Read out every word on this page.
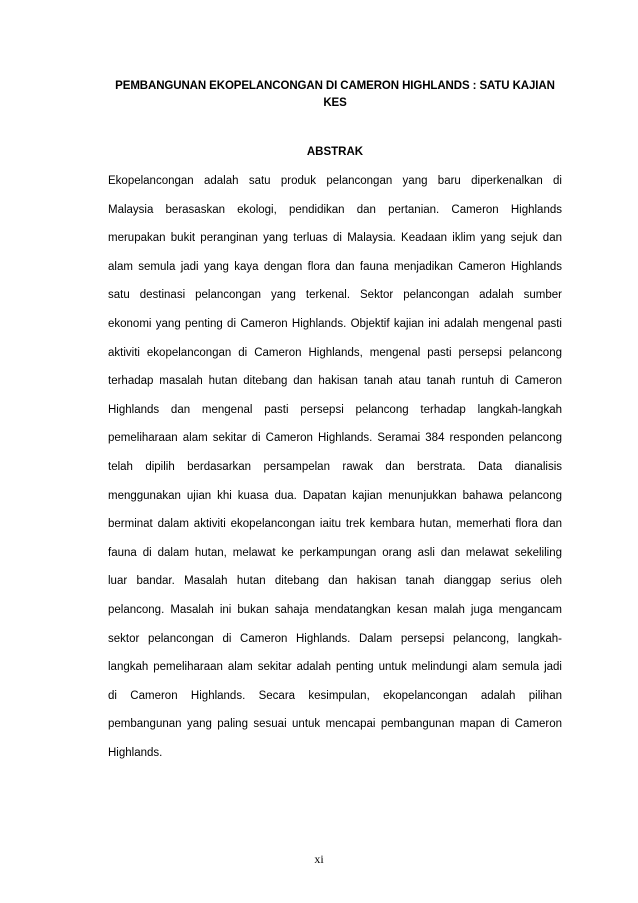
PEMBANGUNAN EKOPELANCONGAN DI CAMERON HIGHLANDS : SATU KAJIAN KES
ABSTRAK
Ekopelancongan adalah satu produk pelancongan yang baru diperkenalkan di
Malaysia berasaskan ekologi, pendidikan dan pertanian. Cameron Highlands
merupakan bukit peranginan yang terluas di Malaysia. Keadaan iklim yang sejuk dan
alam semula jadi yang kaya dengan flora dan fauna menjadikan Cameron Highlands
satu destinasi pelancongan yang terkenal. Sektor pelancongan adalah sumber
ekonomi yang penting di Cameron Highlands. Objektif kajian ini adalah mengenal pasti
aktiviti ekopelancongan di Cameron Highlands, mengenal pasti persepsi pelancong
terhadap masalah hutan ditebang dan hakisan tanah atau tanah runtuh di Cameron
Highlands dan mengenal pasti persepsi pelancong terhadap langkah-langkah
pemeliharaan alam sekitar di Cameron Highlands. Seramai 384 responden pelancong
telah dipilih berdasarkan persampelan rawak dan berstrata. Data dianalisis
menggunakan ujian khi kuasa dua. Dapatan kajian menunjukkan bahawa pelancong
berminat dalam aktiviti ekopelancongan iaitu trek kembara hutan, memerhati flora dan
fauna di dalam hutan, melawat ke perkampungan orang asli dan melawat sekeliling
luar bandar. Masalah hutan ditebang dan hakisan tanah dianggap serius oleh
pelancong. Masalah ini bukan sahaja mendatangkan kesan malah juga mengancam
sektor pelancongan di Cameron Highlands. Dalam persepsi pelancong, langkah-
langkah pemeliharaan alam sekitar adalah penting untuk melindungi alam semula jadi
di Cameron Highlands. Secara kesimpulan, ekopelancongan adalah pilihan
pembangunan yang paling sesuai untuk mencapai pembangunan mapan di Cameron
Highlands.
xi
